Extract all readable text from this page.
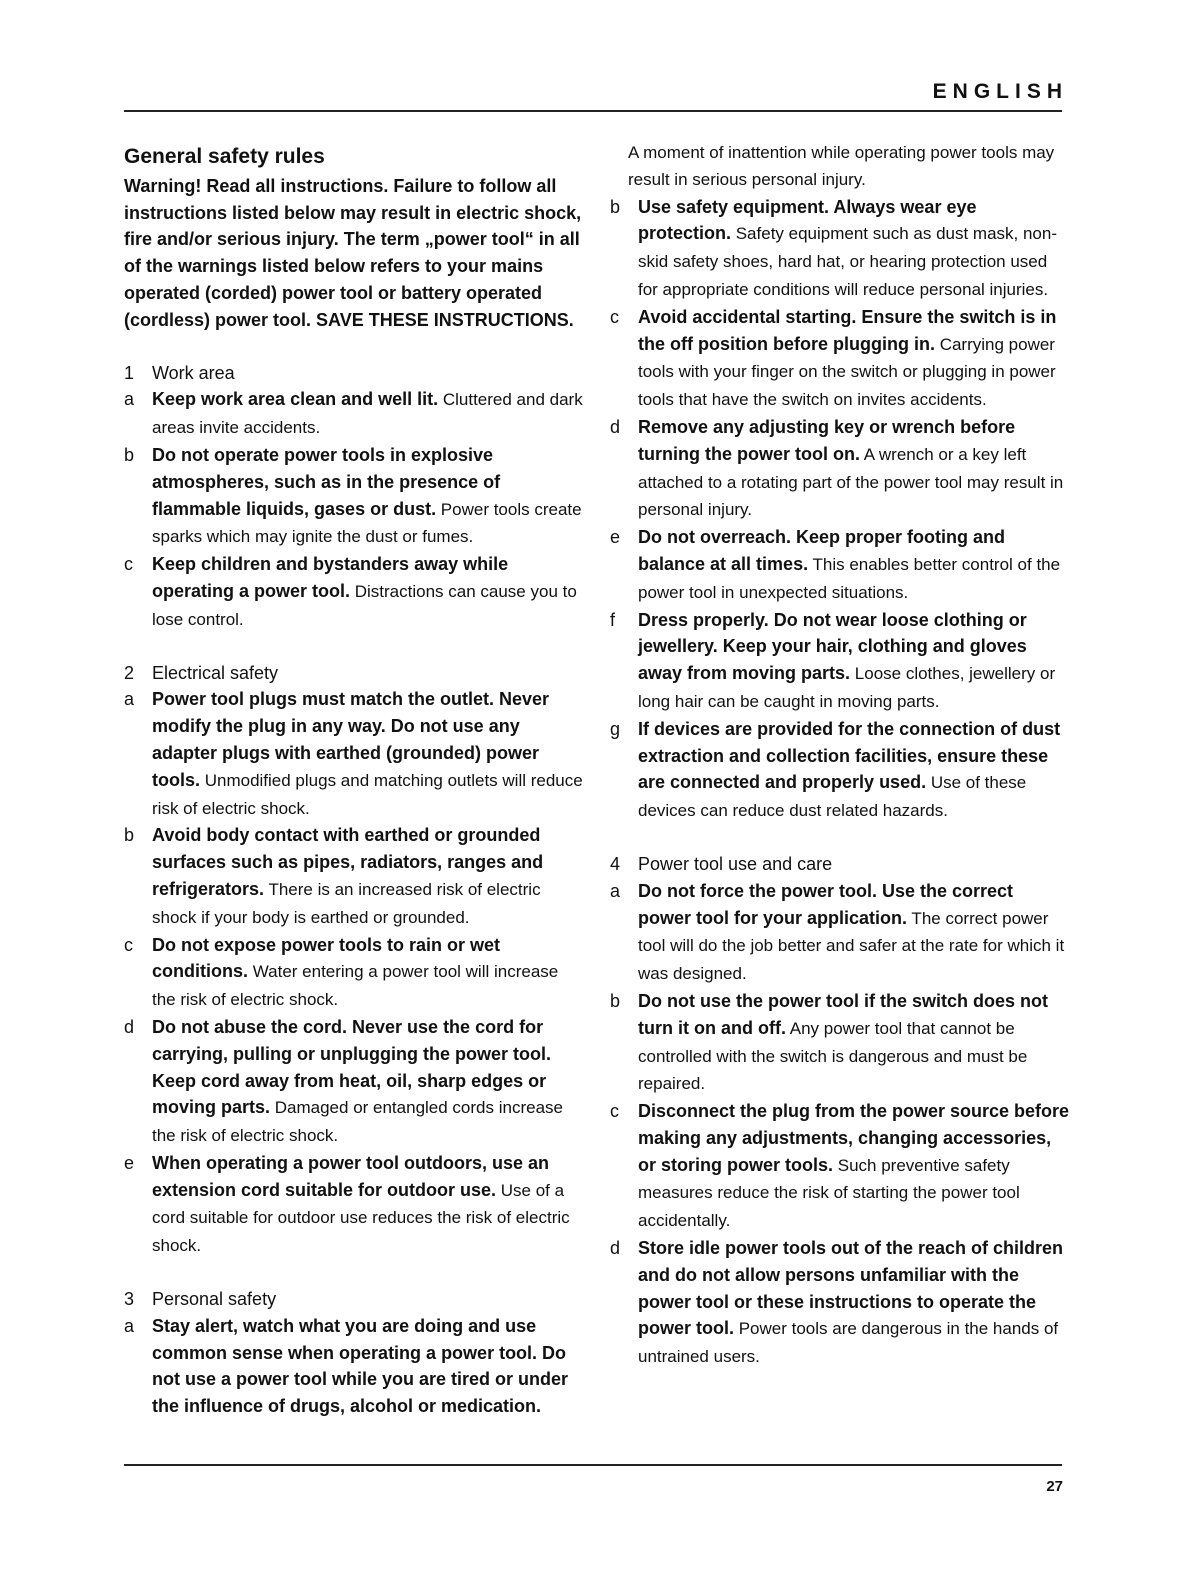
ENGLISH
General safety rules
Warning! Read all instructions. Failure to follow all instructions listed below may result in electric shock, fire and/or serious injury. The term „power tool“ in all of the warnings listed below refers to your mains operated (corded) power tool or battery operated (cordless) power tool. SAVE THESE INSTRUCTIONS.
1 Work area
a Keep work area clean and well lit. Cluttered and dark areas invite accidents.
b Do not operate power tools in explosive atmospheres, such as in the presence of flammable liquids, gases or dust. Power tools create sparks which may ignite the dust or fumes.
c	Keep children and bystanders away while operating a power tool. Distractions can cause you to lose control.
2 Electrical safety
a Power tool plugs must match the outlet. Never modify the plug in any way. Do not use any adapter plugs with earthed (grounded) power tools. Unmodified plugs and matching outlets will reduce risk of electric shock.
b Avoid body contact with earthed or grounded surfaces such as pipes, radiators, ranges and refrigerators. There is an increased risk of electric shock if your body is earthed or grounded.
c	Do not expose power tools to rain or wet conditions. Water entering a power tool will increase the risk of electric shock.
d Do not abuse the cord. Never use the cord for carrying, pulling or unplugging the power tool. Keep cord away from heat, oil, sharp edges or moving parts. Damaged or entangled cords increase the risk of electric shock.
e When operating a power tool outdoors, use an extension cord suitable for outdoor use. Use of a cord suitable for outdoor use reduces the risk of electric shock.
3 Personal safety
a Stay alert, watch what you are doing and use common sense when operating a power tool. Do not use a power tool while you are tired or under the influence of drugs, alcohol or medication.
A moment of inattention while operating power tools may result in serious personal injury.
b Use safety equipment. Always wear eye protection. Safety equipment such as dust mask, non-skid safety shoes, hard hat, or hearing protection used for appropriate conditions will reduce personal injuries.
c	Avoid accidental starting. Ensure the switch is in the off position before plugging in. Carrying power tools with your finger on the switch or plugging in power tools that have the switch on invites accidents.
d Remove any adjusting key or wrench before turning the power tool on. A wrench or a key left attached to a rotating part of the power tool may result in personal injury.
e Do not overreach. Keep proper footing and balance at all times. This enables better control of the power tool in unexpected situations.
f	Dress properly. Do not wear loose clothing or jewellery. Keep your hair, clothing and gloves away from moving parts. Loose clothes, jewellery or long hair can be caught in moving parts.
g If devices are provided for the connection of dust extraction and collection facilities, ensure these are connected and properly used. Use of these devices can reduce dust related hazards.
4 Power tool use and care
a Do not force the power tool. Use the correct power tool for your application. The correct power tool will do the job better and safer at the rate for which it was designed.
b Do not use the power tool if the switch does not turn it on and off. Any power tool that cannot be controlled with the switch is dangerous and must be repaired.
c	Disconnect the plug from the power source before making any adjustments, changing accessories, or storing power tools. Such preventive safety measures reduce the risk of starting the power tool accidentally.
d Store idle power tools out of the reach of children and do not allow persons unfamiliar with the power tool or these instructions to operate the power tool. Power tools are dangerous in the hands of untrained users.
27
